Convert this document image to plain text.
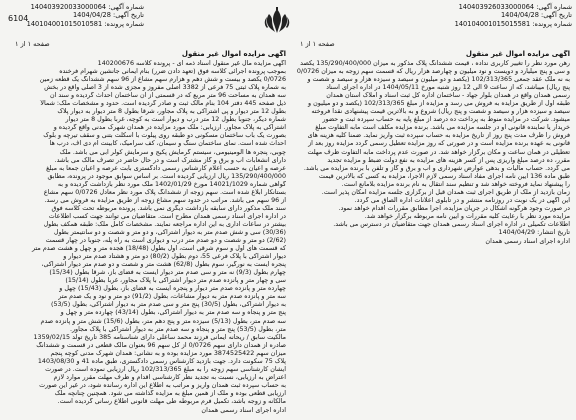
شماره آگهی: 140403920033000064
تاریخ آگهی: 1404/04/28
شماره پرونده: 140104001015010581
6104
صفحه ۱ از ۱	صفحه ۱ از ۱
شماره آگهی: 140403926033000064
تاریخ آگهی: 1404/04/28
شماره پرونده: 140104001015015581
آگهی مزایده اموال غیر منقول
رهن مورد نظر را تغییر کاربری نداده ، قیمت ششدانگ پلاک مذکور به میزان 135/290/400/000 یکصد
و سی و پنج میلیارد و دویست و نود میلیون و چهارصد هزار ریال که قسمت سهم زوجه به میزان 0/0726
به نه ملک عقد جمعی 102/313/365 (یکصد و دو میلیون و سیصد و سیزده هزار و سیصد و شصت و
پنج ریال) میباشد، که از ساعت 9 الی 12 روز شنبه مورخ 1404/05/11 در اداره اجرای اسناد
رسمی همدان واقع در همدان بلوار جهاد - ساختمان اداره کل ثبت اسناد و املاک استان همدان
طبقه اول از طریق مزایده به فروش می رسد و مزایده از مبلغ 102/313/365 (یکصد و دو میلیون و
سیصد و سیزده هزار و سیصد و شصت و پنج ریال) شروع و به بالاترین قیمت پیشنهادی نقداً فروخته
میشود. شرکت در مزایده منوط به پرداخت ده درصد از مبلغ پایه به حساب سپرده ثبت و حضور
خریدار یا نماینده قانونی او در جلسه مزایده می باشد. برنده مزایده مکلف است مابه التفاوت مبلغ
فروش را ظرف مدت پنج روز از تاریخ مزایده به حساب سپرده ثبت واریز نماید. ضمناً کلیه هزینه های
قانونی به عهده برنده مزایده است و در صورتی که روز مزایده تعطیل رسمی گردد مزایده روز بعد از
تعطیلی در همان ساعت و مکان برگزار خواهد شد. در صورت عدم پرداخت مابه التفاوت ظرف مهلت
مقرر، ده درصد مبلغ واریزی پس از کسر هزینه های مزایده به نفع دولت ضبط و مزایده تجدید
می گردد. حساب مالیات و بدهی عوارض شهرداری و آب و برق و گاز و تلفن با برنده مزایده می باشد.
طبق ماده 136 آیین نامه اجرای مفاد اسناد رسمی لازم الاجرا، مزایده به کسی که بالاترین قیمت
را پیشنهاد نماید فروخته خواهد شد و تنظیم سند انتقال به نام برنده مزایده بلامانع است.
زمان بازدید از ملک از طریق اجرای ثبت همدان قبل از برگزاری جلسه مزایده امکان پذیر است.
این آگهی در یک نوبت در روزنامه منتشر و در تابلوی اعلانات اداره الصاق می گردد.
در صورت وجود هرگونه اشکال در جریان مزایده، اجرا مطابق مقررات اقدام خواهد نمود.
مزایده مورد نظر با رعایت کلیه مقررات و آیین نامه مربوطه برگزار خواهد شد.
اطلاعات تکمیلی در اداره اجرای اسناد رسمی همدان جهت متقاضیان در دسترس می باشد.
تاریخ انتشار: 1404/04/29
اداره اجرای اسناد رسمی همدان
آگهی مزایده اموال غیر منقول
آگهی مزایده مال غیر منقول اسناد ذمه ای - پرونده کلاسه 140200676
بموجب پرونده اجرائی کلاسه فوق (تعهد دادن ضرر) بنام ایمانی جانشین شهرام فرخنده
0/0726 یکصد و بیست و شش دهم و هزارم سهم مشاع از 96 سهم ششدانگ یک قطعه زمین
به شماره پلاک ثبتی 75 فرعی از 3382 اصلی مفروز و مجزی شده از 3 اصلی واقع در بخش
سه همدان به مساحت 96 متر مربع که در قسمتی از آن ساختمان احداث گردیده و سند آن
ذیل صفحه 445 دفتر 104 بنام مالک ثبت و صادر گردیده است. حدود و مشخصات ملک: شمالاً
بطول 12 متر دیوار و پی اشتراکی به پلاک مجاور، شرقاً بطول 8 متر دیوار به دیوار پلاک
شماره دیگر، جنوباً بطول 12 متر درب و دیوار است به کوچه، غرباً بطول 8 متر دیوار
اشتراکی به پلاک مجاور. ارزیابی: ملک مورد مزایده در همدان شهرک مدنی واقع گردیده و
بصورت یک باب ساختمان مسکونی دو طبقه روی پیلوت با اسکلت بتنی و سقف تیرچه و بلوک
احداث شده است. نمای ساختمان سنگ و سیمان، کف سرامیک، کابینت ام دی اف، درب ها
چوبی، پنجره ها آلومینیومی، سیستم گرمایش پکیج و سرمایش کولر آبی می باشد. ملک
دارای انشعابات آب و برق و گاز مشترک است و در حال حاضر در تصرف مالک می باشد.
عرصه و اعیان به حسب اعلام کارشناس رسمی دادگستری بابت عرصه و اعیان جمعاً به مبلغ
135/290/400/000 ریال ارزیابی گردیده است. بر اساس سوابق موجود در پرونده، مطابق
گواهی شماره 14021/1029 مورخ 1402/01/29 ملک مورد نظر بازداشت گردیده و به
بستانکار ابلاغ شده است. سهم زوجه از ششدانگ پلاک مورد نظر معادل 0/0726 سهم مشاع
از 96 سهم می باشد. مراتب در حدود سهم مشاع زوجه از طریق مزایده به فروش می رسد.
سند ملک مذکور دارای سابقه بازداشت دیگری نمی باشد. پرونده مربوطه تحت کلاسه فوق
در اداره اجرای اسناد رسمی همدان مطرح است. متقاضیان می توانند جهت کسب اطلاعات
بیشتر در ساعات اداری به این اداره مراجعه نمایند. مشخصات کامل ملک: طبقه همکف بطول
(30/36) سی و شش صدم متر به دیوار اشتراکی، و دو متر و شصت و دو سانتیمتر بطول
(2/62) دو متر و شصت و دو صدم متر درب و دیواری است به راه پله، جنوباً در چهار قسمت
که قسمت های اول و سوم شرقی است، اول بطول (18/48) هجده متر و چهل و هشت صدم متر
دیوار اشتراکی با پلاک فرعی 55، دوم بطول (80/2) دو متر و هشتاد صدم متر دیوار و
پنجره ایست به نورگیر، سوم بطول (62/8) هشت متر و شصت و دو صدم متر دیوار اشتراکی،
چهارم بطول (9/3) نه متر و سی صدم متر دیوار ایست به فضای باز، شرقاً بطول (15/34)
سی و چهار متر و پانزده صدم متر دیوار اشتراکی با پلاک مجاور، غرباً بطول (15/14)
چهارده متر و پانزده صدم متر دیوار و پنجره ایست به فضای باز، بطول (15/43) چهل و
سه متر و پانزده صدم متر به دیوار مشاعات، بطول (91/2) دو متر و نود و یک صدم متر
به دیوار اشتراکی، بطول (30/5) پنج متر و سی صدم متر به دیوار اشتراکی، بطول (53/5)
پنج متر و پنجاه و سه صدم متر به دیوار اشتراکی، بطول (43/14) چهارده متر و چهل و
سه صدم متر، بطول (5/13) سیزده متر و پنج دهم متر، بطول (15/6) شش متر و پانزده صدم
متر، بطول (53/5) پنج متر و پنجاه و سه صدم متر به دیوار اشتراکی با پلاک مجاور.
مالکیت سابق / ریحانه ایمانی فرزند محمد ساعلی دارای شناسنامه 385 تاریخ تولد 1359/02/15
صادره از همدان دارای سهم 0/0726 از کل سهم 96 بعنوان مالک قطعی در قسمت و ششدانگ
میزان سهم 3874525422 مورد مزایده بوده و به نشانی: همدان شهرک مدنی کوچه پنجم
پلاک 75 سکونت دارد. جهت بازدید کارشناس رسمی دادگستری، طبق ماده 41 و 1403/08/30
ایشان کارشناسی سهم زوجه را به مبلغ 102/313/365 ریال ارزیابی نموده است. در صورت
اعتراض به ارزیابی، نسبت به تجدید نظر کارشناسی اقدام و ظرف مهلت مقرر موارد لازم
به حساب سپرده ثبت همدان واریز و مراتب به اطلاع این اداره رسانده شود، در غیر این صورت
ارزیابی قطعی بوده و ملک از همین مبلغ به مزایده گذاشته می شود. همچنین چنانچه ملک
مالکانه و زوجه باشد، تکمیل فرم مربوطه طی مهلت قانونی اطلاع رسانی گردیده است.
اداره اجرای اسناد رسمی همدان
